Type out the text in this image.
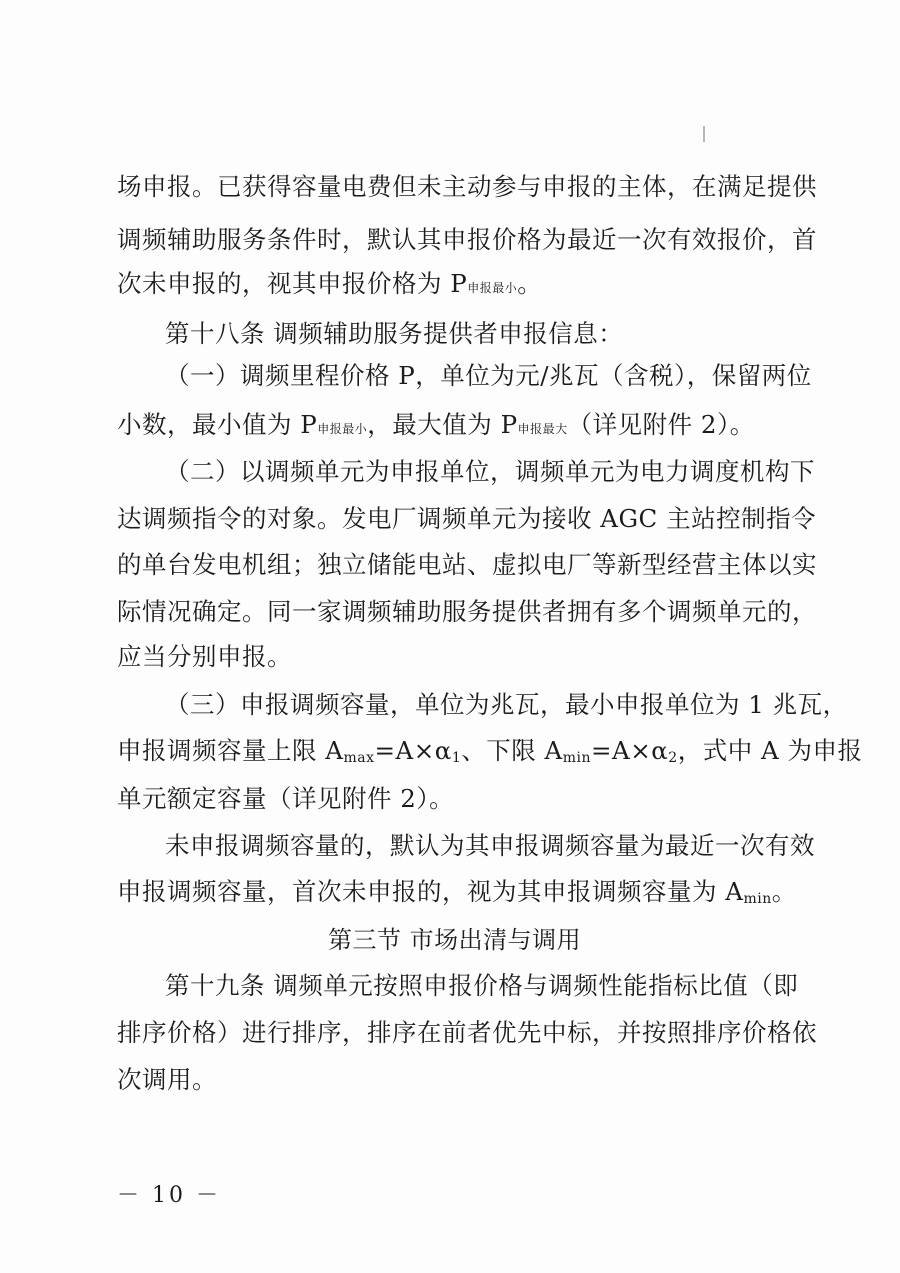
场申报。已获得容量电费但未主动参与申报的主体，在满足提供
调频辅助服务条件时，默认其申报价格为最近一次有效报价，首
次未申报的，视其申报价格为 P申报最小。
第十八条 调频辅助服务提供者申报信息：
（一）调频里程价格 P，单位为元/兆瓦（含税），保留两位
小数，最小值为 P申报最小，最大值为 P申报最大（详见附件 2）。
（二）以调频单元为申报单位，调频单元为电力调度机构下
达调频指令的对象。发电厂调频单元为接收 AGC 主站控制指令
的单台发电机组；独立储能电站、虚拟电厂等新型经营主体以实
际情况确定。同一家调频辅助服务提供者拥有多个调频单元的，
应当分别申报。
（三）申报调频容量，单位为兆瓦，最小申报单位为 1 兆瓦，
申报调频容量上限 Amax=A×α1、下限 Amin=A×α2，式中 A 为申报
单元额定容量（详见附件 2）。
未申报调频容量的，默认为其申报调频容量为最近一次有效
申报调频容量，首次未申报的，视为其申报调频容量为 Amin。
第三节 市场出清与调用
第十九条 调频单元按照申报价格与调频性能指标比值（即
排序价格）进行排序，排序在前者优先中标，并按照排序价格依
次调用。
－ 10 －
